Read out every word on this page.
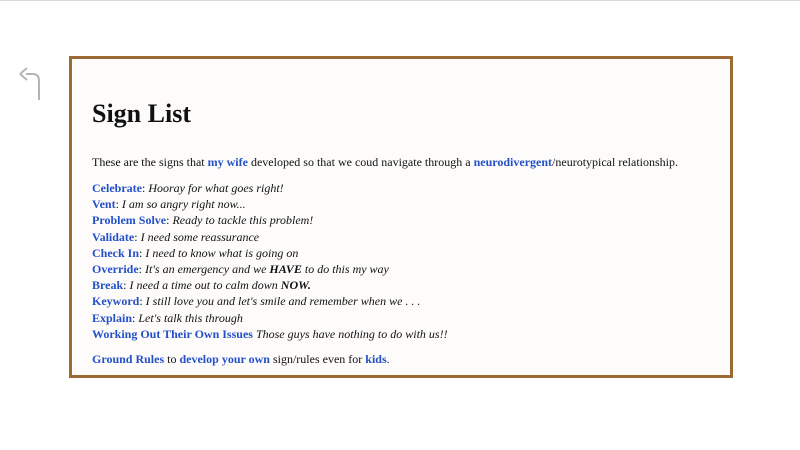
Sign List

These are the signs that my wife developed so that we coud navigate through a neurodivergent/neurotypical relationship.

Celebrate: Hooray for what goes right!
Vent: I am so angry right now...
Problem Solve: Ready to tackle this problem!
Validate: I need some reassurance
Check In: I need to know what is going on
Override: It's an emergency and we HAVE to do this my way
Break: I need a time out to calm down NOW.
Keyword: I still love you and let's smile and remember when we . . .
Explain: Let's talk this through
Working Out Their Own Issues Those guys have nothing to do with us!!

Ground Rules to develop your own sign/rules even for kids.
